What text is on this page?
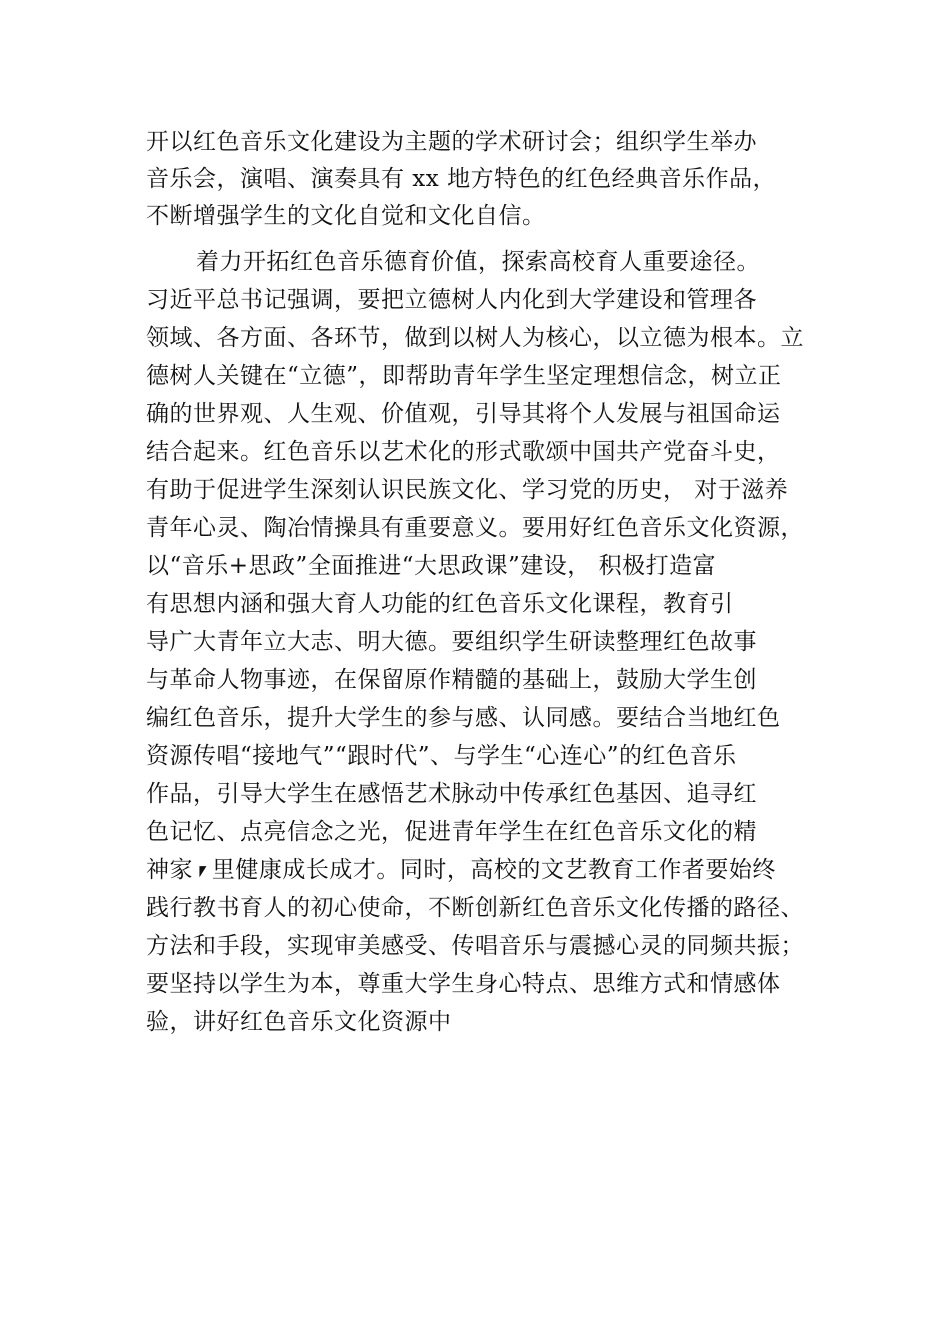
开以红色音乐文化建设为主题的学术研讨会；组织学生举办
音乐会，演唱、演奏具有 xx 地方特色的红色经典音乐作品，
不断增强学生的文化自觉和文化自信。
着力开拓红色音乐德育价值，探索高校育人重要途径。
习近平总书记强调，要把立德树人内化到大学建设和管理各
领域、各方面、各环节，做到以树人为核心，以立德为根本。立
德树人关键在“立德”，即帮助青年学生坚定理想信念，树立正
确的世界观、人生观、价值观，引导其将个人发展与祖国命运
结合起来。红色音乐以艺术化的形式歌颂中国共产党奋斗史，
有助于促进学生深刻认识民族文化、学习党的历史， 对于滋养
青年心灵、陶冶情操具有重要意义。要用好红色音乐文化资源，
以“音乐+思政”全面推进“大思政课”建设， 积极打造富
有思想内涵和强大育人功能的红色音乐文化课程，教育引
导广大青年立大志、明大德。要组织学生研读整理红色故事
与革命人物事迹，在保留原作精髓的基础上，鼓励大学生创
编红色音乐，提升大学生的参与感、认同感。要结合当地红色
资源传唱“接地气”“跟时代”、与学生“心连心”的红色音乐
作品，引导大学生在感悟艺术脉动中传承红色基因、追寻红
色记忆、点亮信念之光，促进青年学生在红色音乐文化的精
神家⎖里健康成长成才。同时，高校的文艺教育工作者要始终
践行教书育人的初心使命，不断创新红色音乐文化传播的路径、
方法和手段，实现审美感受、传唱音乐与震撼心灵的同频共振；
要坚持以学生为本，尊重大学生身心特点、思维方式和情感体
验，讲好红色音乐文化资源中
